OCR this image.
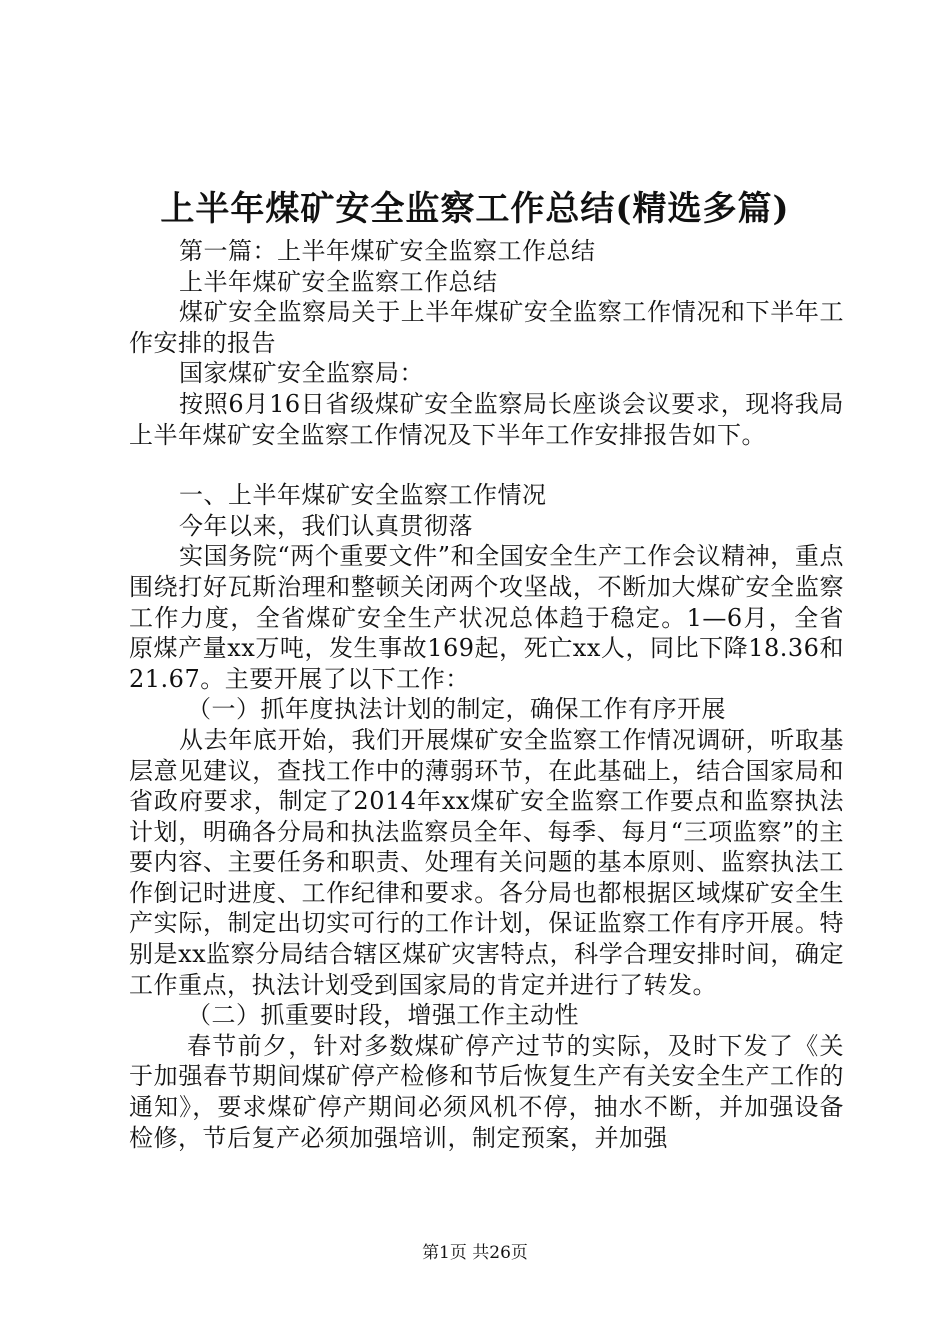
上半年煤矿安全监察工作总结(精选多篇)

第一篇：上半年煤矿安全监察工作总结

上半年煤矿安全监察工作总结

煤矿安全监察局关于上半年煤矿安全监察工作情况和下半年工作安排的报告

国家煤矿安全监察局：

按照6月16日省级煤矿安全监察局长座谈会议要求，现将我局上半年煤矿安全监察工作情况及下半年工作安排报告如下。

一、上半年煤矿安全监察工作情况

今年以来，我们认真贯彻落

实国务院“两个重要文件”和全国安全生产工作会议精神，重点围绕打好瓦斯治理和整顿关闭两个攻坚战，不断加大煤矿安全监察工作力度，全省煤矿安全生产状况总体趋于稳定。1—6月，全省原煤产量xx万吨，发生事故169起，死亡xx人，同比下降18.36和21.67。主要开展了以下工作：

（一）抓年度执法计划的制定，确保工作有序开展

从去年底开始，我们开展煤矿安全监察工作情况调研，听取基层意见建议，查找工作中的薄弱环节，在此基础上，结合国家局和省政府要求，制定了2014年xx煤矿安全监察工作要点和监察执法计划，明确各分局和执法监察员全年、每季、每月“三项监察”的主要内容、主要任务和职责、处理有关问题的基本原则、监察执法工作倒记时进度、工作纪律和要求。各分局也都根据区域煤矿安全生产实际，制定出切实可行的工作计划，保证监察工作有序开展。特别是xx监察分局结合辖区煤矿灾害特点，科学合理安排时间，确定工作重点，执法计划受到国家局的肯定并进行了转发。

（二）抓重要时段，增强工作主动性

春节前夕，针对多数煤矿停产过节的实际，及时下发了《关于加强春节期间煤矿停产检修和节后恢复生产有关安全生产工作的通知》，要求煤矿停产期间必须风机不停，抽水不断，并加强设备检修，节后复产必须加强培训，制定预案，并加强

第1页 共26页
